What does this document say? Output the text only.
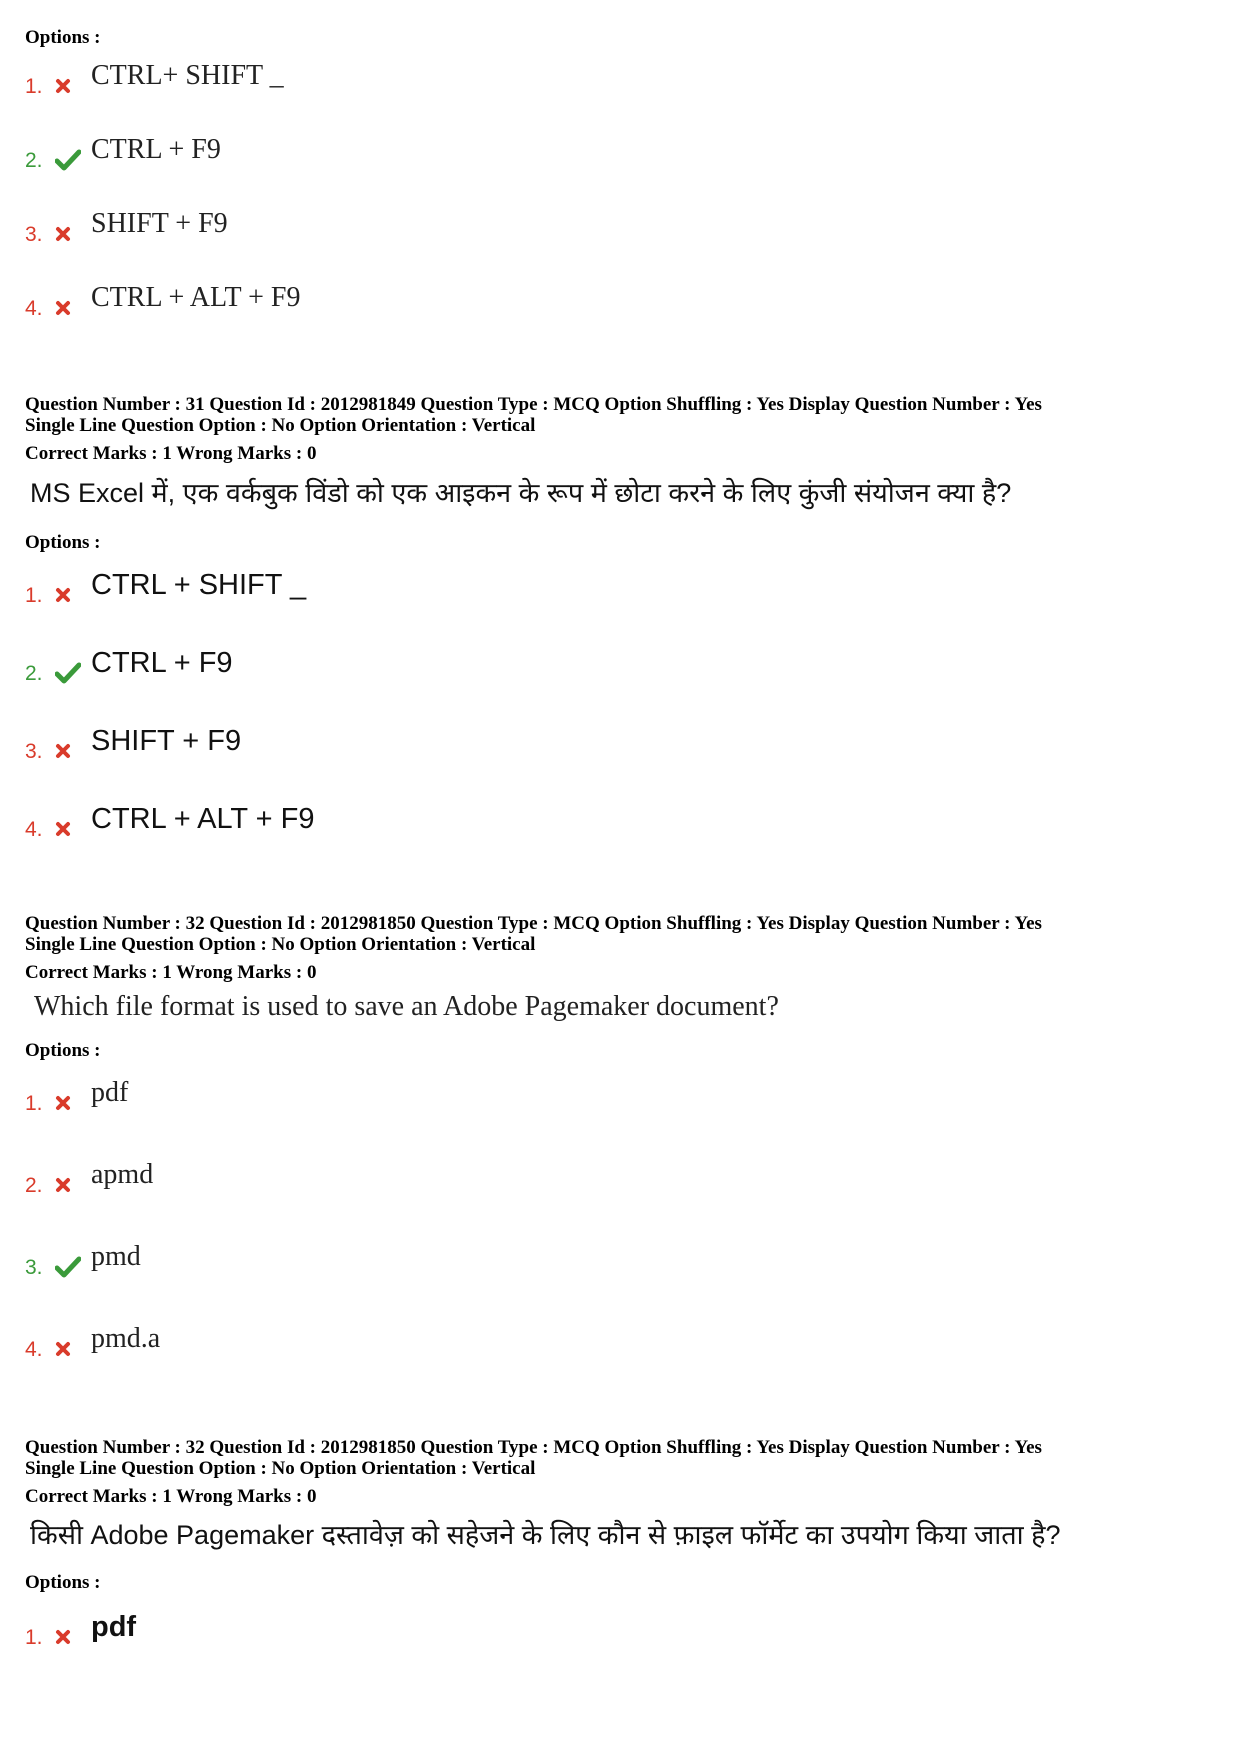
Options :
1.	CTRL+ SHIFT _
2.	CTRL + F9
3.	SHIFT + F9
4.	CTRL + ALT + F9
Question Number : 31 Question Id : 2012981849 Question Type : MCQ Option Shuffling : Yes Display Question Number : Yes
Single Line Question Option : No Option Orientation : Vertical
Correct Marks : 1 Wrong Marks : 0
MS Excel में, एक वर्कबुक विंडो को एक आइकन के रूप में छोटा करने के लिए कुंजी संयोजन क्या है?
Options :
1. CTRL + SHIFT _
2. CTRL + F9
3. SHIFT + F9
4. CTRL + ALT + F9
Question Number : 32 Question Id : 2012981850 Question Type : MCQ Option Shuffling : Yes Display Question Number : Yes
Single Line Question Option : No Option Orientation : Vertical
Correct Marks : 1 Wrong Marks : 0
Which file format is used to save an Adobe Pagemaker document?
Options :
1.	pdf
2.	apmd
3.	pmd
4.	pmd.a
Question Number : 32 Question Id : 2012981850 Question Type : MCQ Option Shuffling : Yes Display Question Number : Yes
Single Line Question Option : No Option Orientation : Vertical
Correct Marks : 1 Wrong Marks : 0
किसी Adobe Pagemaker दस्तावेज़ को सहेजने के लिए कौन से फ़ाइल फॉर्मेट का उपयोग किया जाता है?
Options :
1. pdf
